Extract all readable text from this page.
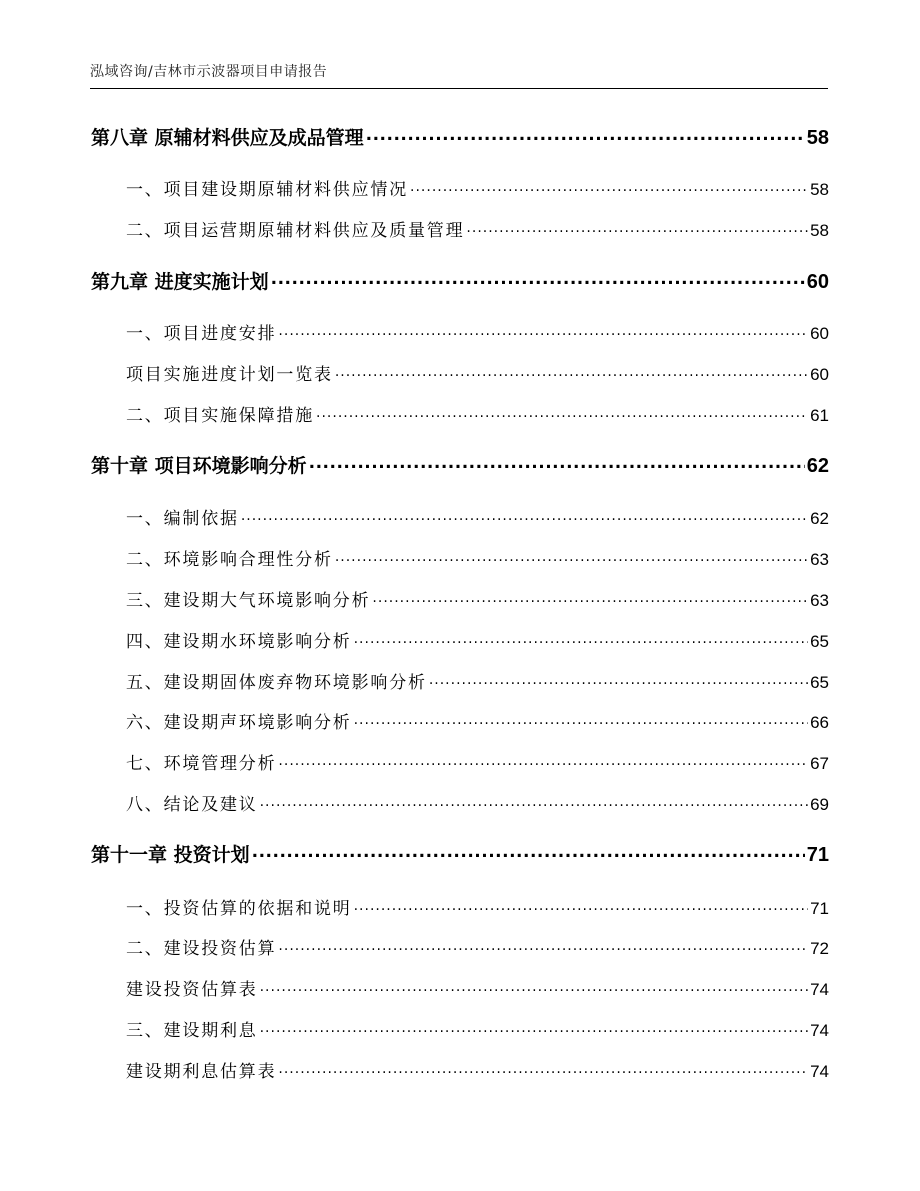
泓域咨询/吉林市示波器项目申请报告
第八章 原辅材料供应及成品管理 .....	58
一、 项目建设期原辅材料供应情况 .....	58
二、 项目运营期原辅材料供应及质量管理 .....	58
第九章 进度实施计划 .....	60
一、 项目进度安排 .....	60
项目实施进度计划一览表 .....	60
二、 项目实施保障措施 .....	61
第十章 项目环境影响分析 .....	62
一、 编制依据 .....	62
二、 环境影响合理性分析 .....	63
三、 建设期大气环境影响分析 .....	63
四、 建设期水环境影响分析 .....	65
五、 建设期固体废弃物环境影响分析 .....	65
六、 建设期声环境影响分析 .....	66
七、 环境管理分析 .....	67
八、 结论及建议 .....	69
第十一章 投资计划 .....	71
一、 投资估算的依据和说明 .....	71
二、 建设投资估算 .....	72
建设投资估算表 .....	74
三、 建设期利息 .....	74
建设期利息估算表 .....	74
